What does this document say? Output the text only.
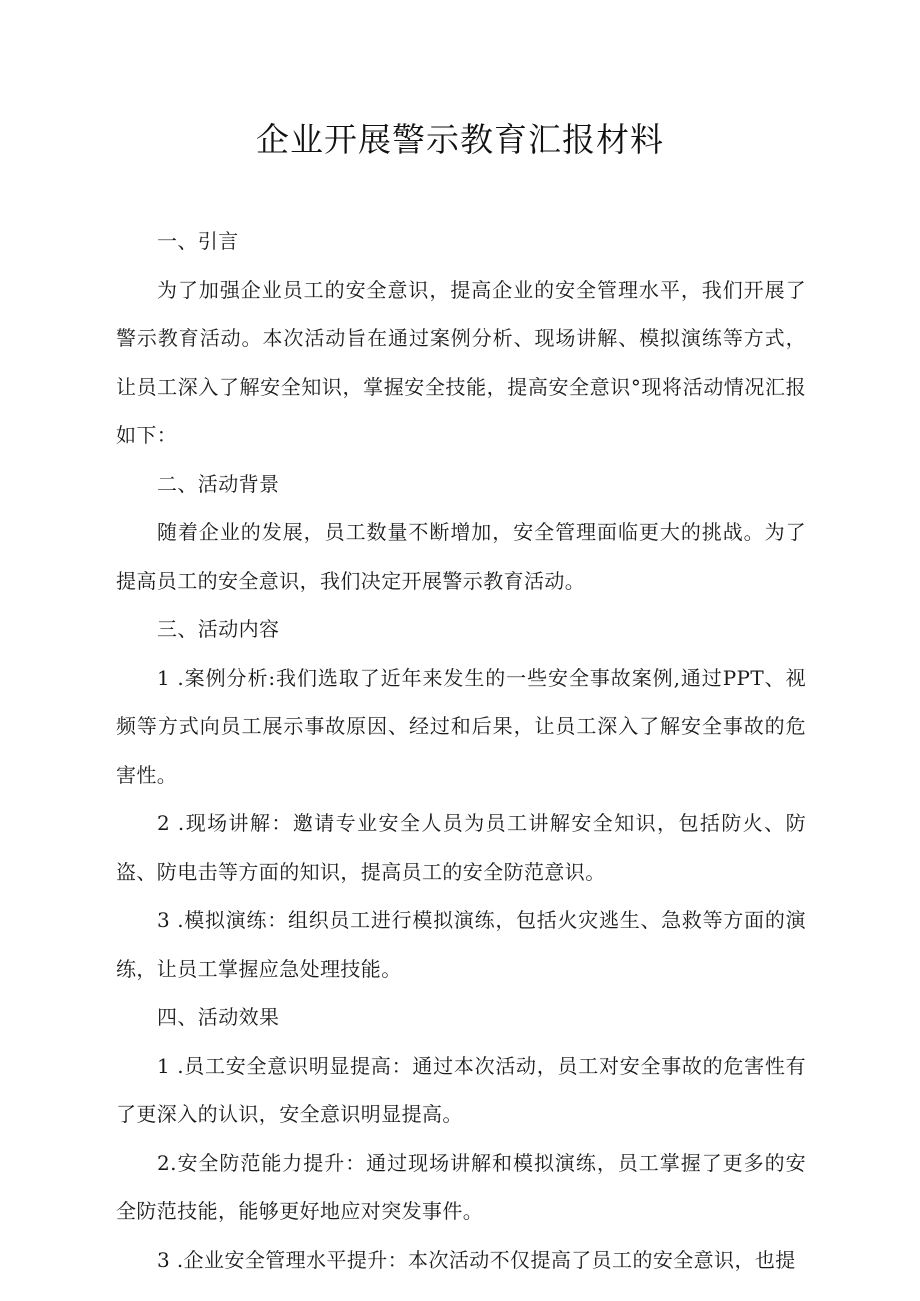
企业开展警示教育汇报材料

一、引言

为了加强企业员工的安全意识，提高企业的安全管理水平，我们开展了警示教育活动。本次活动旨在通过案例分析、现场讲解、模拟演练等方式，让员工深入了解安全知识，掌握安全技能，提高安全意识°现将活动情况汇报如下：

二、活动背景

随着企业的发展，员工数量不断增加，安全管理面临更大的挑战。为了提高员工的安全意识，我们决定开展警示教育活动。

三、活动内容

1 .案例分析:我们选取了近年来发生的一些安全事故案例,通过PPT、视频等方式向员工展示事故原因、经过和后果，让员工深入了解安全事故的危害性。

2 .现场讲解：邀请专业安全人员为员工讲解安全知识，包括防火、防盗、防电击等方面的知识，提高员工的安全防范意识。

3 .模拟演练：组织员工进行模拟演练，包括火灾逃生、急救等方面的演练，让员工掌握应急处理技能。

四、活动效果

1 .员工安全意识明显提高：通过本次活动，员工对安全事故的危害性有了更深入的认识，安全意识明显提高。

2.安全防范能力提升：通过现场讲解和模拟演练，员工掌握了更多的安全防范技能，能够更好地应对突发事件。

3 .企业安全管理水平提升：本次活动不仅提高了员工的安全意识，也提
